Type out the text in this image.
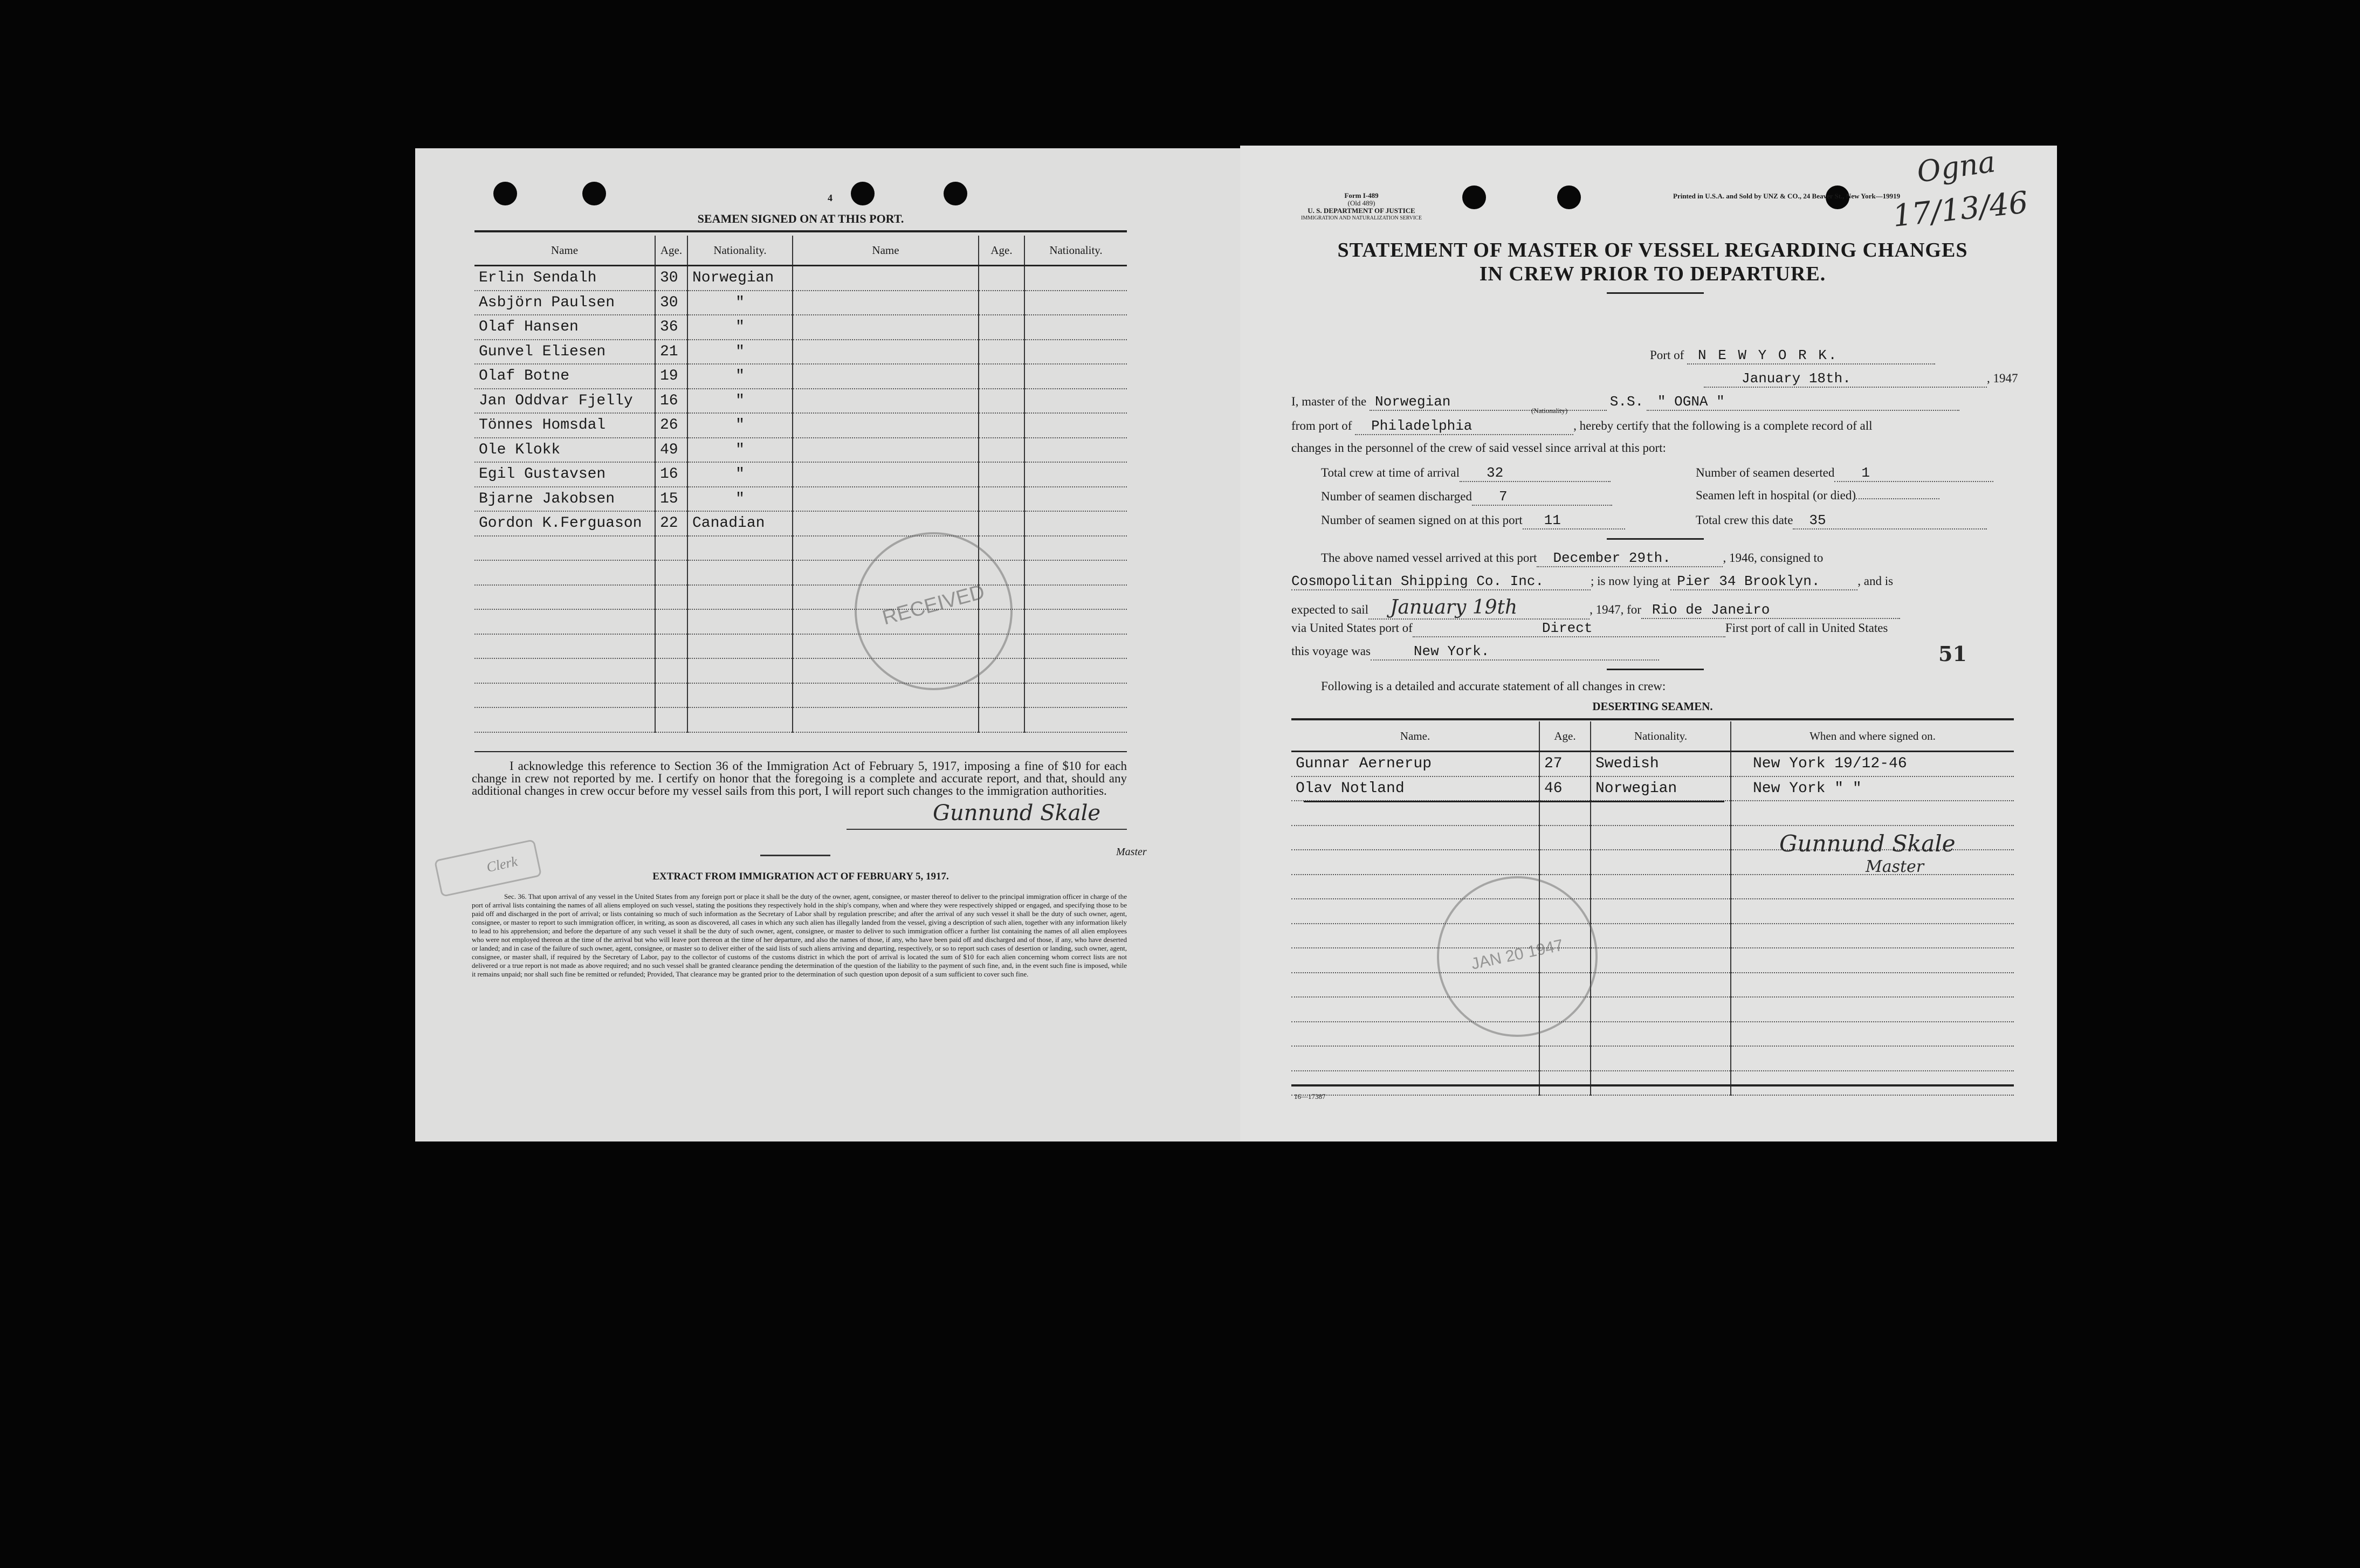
4
SEAMEN SIGNED ON AT THIS PORT.
Name	Age.	Nationality.	Name	Age.	Nationality.
Erlin Sendalh	30	Norwegian			
Asbjörn Paulsen	30	"			
Olaf Hansen	36	"			
Gunvel Eliesen	21	"			
Olaf Botne	19	"			
Jan Oddvar Fjelly	16	"			
Tönnes Homsdal	26	"			
Ole Klokk	49	"			
Egil Gustavsen	16	"			
Bjarne Jakobsen	15	"			
Gordon K.Ferguason	22	Canadian			

I acknowledge this reference to Section 36 of the Immigration Act of February 5, 1917, imposing a fine of $10 for each change in crew not reported by me. I certify on honor that the foregoing is a complete and accurate report, and that, should any additional changes in crew occur before my vessel sails from this port, I will report such changes to the immigration authorities.
Gunnund Skale
Master
Clerk
EXTRACT FROM IMMIGRATION ACT OF FEBRUARY 5, 1917.
Sec. 36. That upon arrival of any vessel in the United States from any foreign port or place it shall be the duty of the owner, agent, consignee, or master thereof to deliver to the principal immigration officer in charge of the port of arrival lists containing the names of all aliens employed on such vessel, stating the positions they respectively hold in the ship's company, when and where they were respectively shipped or engaged, and specifying those to be paid off and discharged in the port of arrival; or lists containing so much of such information as the Secretary of Labor shall by regulation prescribe; and after the arrival of any such vessel it shall be the duty of such owner, agent, consignee, or master to report to such immigration officer, in writing, as soon as discovered, all cases in which any such alien has illegally landed from the vessel, giving a description of such alien, together with any information likely to lead to his apprehension; and before the departure of any such vessel it shall be the duty of such owner, agent, consignee, or master to deliver to such immigration officer a further list containing the names of all alien employees who were not employed thereon at the time of the arrival but who will leave port thereon at the time of her departure, and also the names of those, if any, who have been paid off and discharged and of those, if any, who have deserted or landed; and in case of the failure of such owner, agent, consignee, or master so to deliver either of the said lists of such aliens arriving and departing, respectively, or so to report such cases of desertion or landing, such owner, agent, consignee, or master shall, if required by the Secretary of Labor, pay to the collector of customs of the customs district in which the port of arrival is located the sum of $10 for each alien concerning whom correct lists are not delivered or a true report is not made as above required; and no such vessel shall be granted clearance pending the determination of the question of the liability to the payment of such fine, and, in the event such fine is imposed, while it remains unpaid; nor shall such fine be remitted or refunded; Provided, That clearance may be granted prior to the determination of such question upon deposit of a sum sufficient to cover such fine.
RECEIVED
Form I-489
(Old 489)
U. S. DEPARTMENT OF JUSTICE
IMMIGRATION AND NATURALIZATION SERVICE
Printed in U.S.A. and Sold by UNZ & CO., 24 Beaver St., New York—19919
Ogna
17/13/46
STATEMENT OF MASTER OF VESSEL REGARDING CHANGES
IN CREW PRIOR TO DEPARTURE.
Port of N E W Y O R K.
January 18th.	, 1947
I, master of the Norwegian	S.S. " OGNA "
(Nationality)
from port of Philadelphia	, hereby certify that the following is a complete record of all
changes in the personnel of the crew of said vessel since arrival at this port:
Total crew at time of arrival 32	Number of seamen deserted 1
Number of seamen discharged 7	Seamen left in hospital (or died)
Number of seamen signed on at this port 11	Total crew this date 35
The above named vessel arrived at this port December 29th.	, 1946, consigned to
Cosmopolitan Shipping Co. Inc.	; is now lying at Pier 34 Brooklyn.	, and is
expected to sail January 19th	, 1947, for Rio de Janeiro
via United States port of	Direct	First port of call in United States
this voyage was	New York.	51
Following is a detailed and accurate statement of all changes in crew:
DESERTING SEAMEN.
Name.	Age.	Nationality.	When and where signed on.
Gunnar Aernerup	27	Swedish	New York 19/12-46
Olav Notland	46	Norwegian	New York " "

Gunnund Skale
Master
JAN 20 1947
16—17387
